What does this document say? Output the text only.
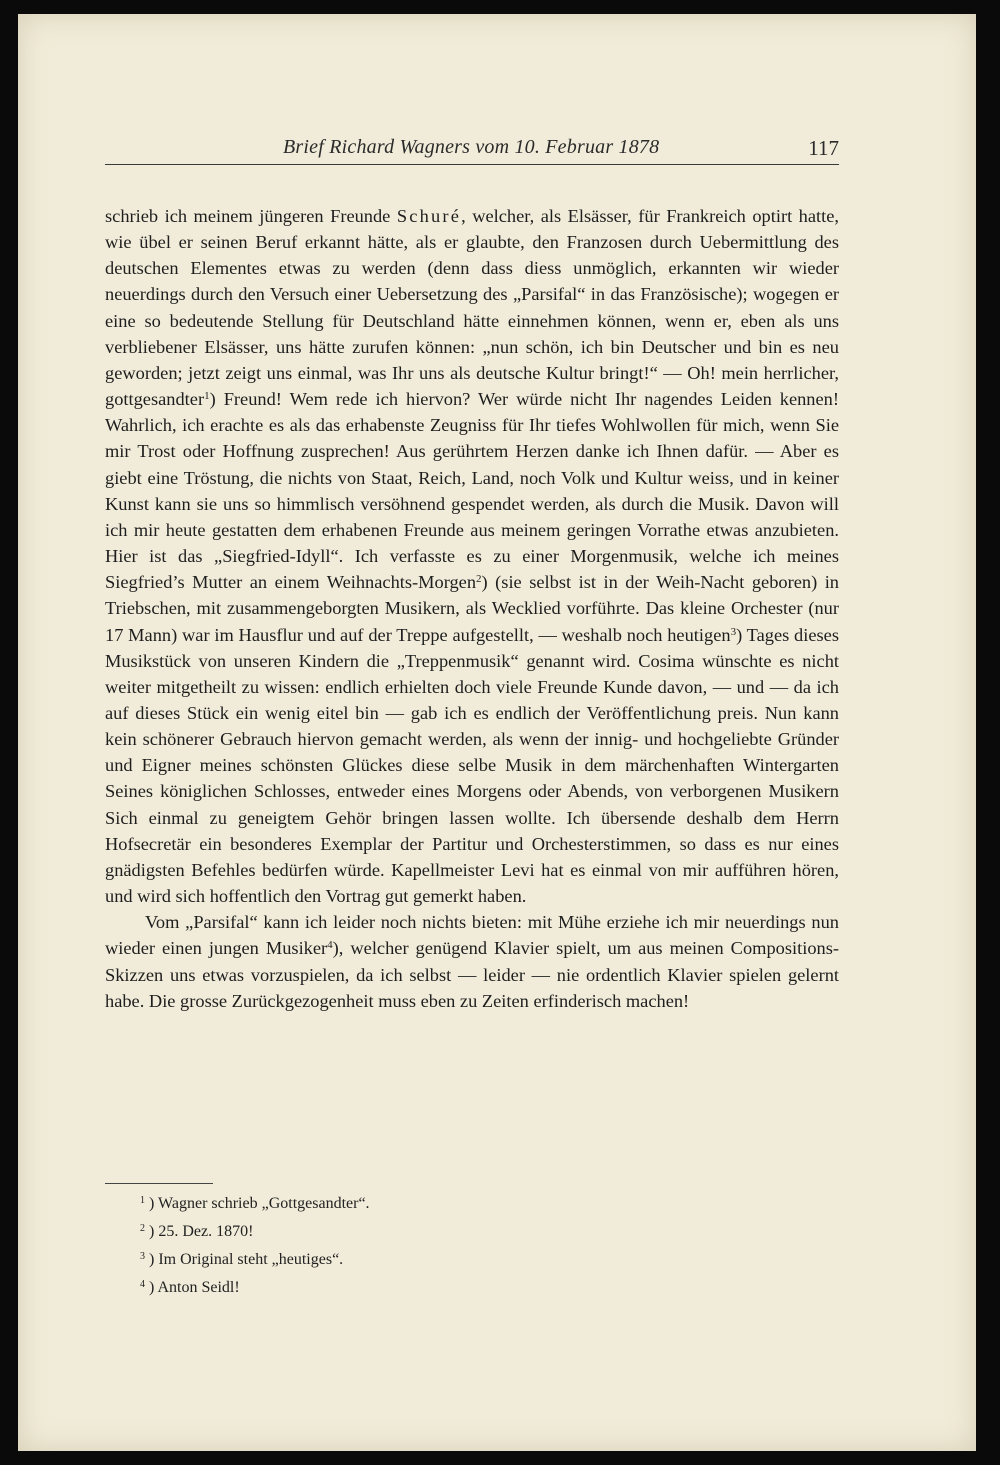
Brief Richard Wagners vom 10. Februar 1878	117

schrieb ich meinem jüngeren Freunde Schuré, welcher, als Elsässer, für Frankreich optirt hatte, wie übel er seinen Beruf erkannt hätte, als er glaubte, den Franzosen durch Uebermittlung des deutschen Elementes etwas zu werden (denn dass diess unmöglich, erkannten wir wieder neuerdings durch den Versuch einer Uebersetzung des „Parsifal“ in das Französische); wogegen er eine so bedeutende Stellung für Deutschland hätte einnehmen können, wenn er, eben als uns verbliebener Elsässer, uns hätte zurufen können: „nun schön, ich bin Deutscher und bin es neu geworden; jetzt zeigt uns einmal, was Ihr uns als deutsche Kultur bringt!“ — Oh! mein herrlicher, gottgesandter$^1$) Freund! Wem rede ich hiervon? Wer würde nicht Ihr nagendes Leiden kennen! Wahrlich, ich erachte es als das erhabenste Zeugniss für Ihr tiefes Wohlwollen für mich, wenn Sie mir Trost oder Hoffnung zusprechen! Aus gerührtem Herzen danke ich Ihnen dafür. — Aber es giebt eine Tröstung, die nichts von Staat, Reich, Land, noch Volk und Kultur weiss, und in keiner Kunst kann sie uns so himmlisch versöhnend gespendet werden, als durch die Musik. Davon will ich mir heute gestatten dem erhabenen Freunde aus meinem geringen Vorrathe etwas anzubieten. Hier ist das „Siegfried-Idyll“. Ich verfasste es zu einer Morgenmusik, welche ich meines Siegfried’s Mutter an einem Weihnachts-Morgen$^2$) (sie selbst ist in der Weih-Nacht geboren) in Triebschen, mit zusammengeborgten Musikern, als Wecklied vorführte. Das kleine Orchester (nur 17 Mann) war im Hausflur und auf der Treppe aufgestellt, — weshalb noch heutigen$^3$) Tages dieses Musikstück von unseren Kindern die „Treppenmusik“ genannt wird. Cosima wünschte es nicht weiter mitgetheilt zu wissen: endlich erhielten doch viele Freunde Kunde davon, — und — da ich auf dieses Stück ein wenig eitel bin — gab ich es endlich der Veröffentlichung preis. Nun kann kein schönerer Gebrauch hiervon gemacht werden, als wenn der innig- und hochgeliebte Gründer und Eigner meines schönsten Glückes diese selbe Musik in dem märchenhaften Wintergarten Seines königlichen Schlosses, entweder eines Morgens oder Abends, von verborgenen Musikern Sich einmal zu geneigtem Gehör bringen lassen wollte. Ich übersende deshalb dem Herrn Hofsecretär ein besonderes Exemplar der Partitur und Orchesterstimmen, so dass es nur eines gnädigsten Befehles bedürfen würde. Kapellmeister Levi hat es einmal von mir aufführen hören, und wird sich hoffentlich den Vortrag gut gemerkt haben.

Vom „Parsifal“ kann ich leider noch nichts bieten: mit Mühe erziehe ich mir neuerdings nun wieder einen jungen Musiker$^4$), welcher genügend Klavier spielt, um aus meinen Compositions-Skizzen uns etwas vorzuspielen, da ich selbst — leider — nie ordentlich Klavier spielen gelernt habe. Die grosse Zurückgezogenheit muss eben zu Zeiten erfinderisch machen!

$^1$ ) Wagner schrieb „Gottgesandter“.
$^2$ ) 25. Dez. 1870!
$^3$ ) Im Original steht „heutiges“.
$^4$ ) Anton Seidl!
